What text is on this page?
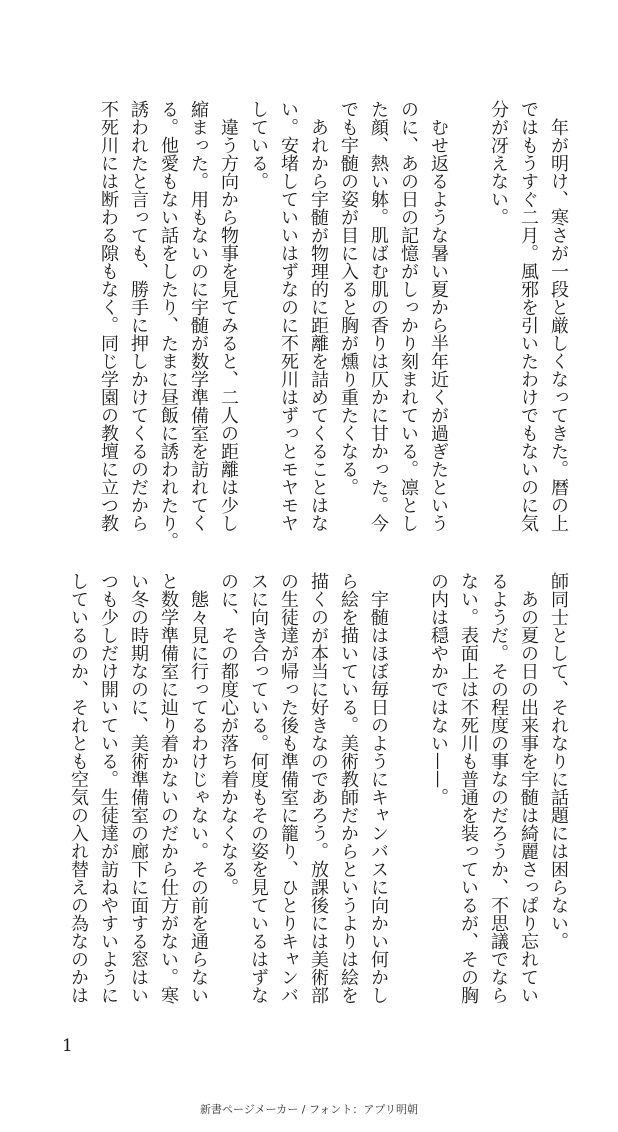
　年が明け、寒さが一段と厳しくなってきた。暦の上
ではもうすぐ二月。風邪を引いたわけでもないのに気
分が冴えない。

　むせ返るような暑い夏から半年近くが過ぎたという
のに、あの日の記憶がしっかり刻まれている。凛とし
た顔、熱い躰。肌ばむ肌の香りは仄かに甘かった。今
でも宇髄の姿が目に入ると胸が燻り重たくなる。
　あれから宇髄が物理的に距離を詰めてくることはな
い。安堵していいはずなのに不死川はずっとモヤモヤ
している。
　違う方向から物事を見てみると、二人の距離は少し
縮まった。用もないのに宇髄が数学準備室を訪れてく
る。他愛もない話をしたり、たまに昼飯に誘われたり。
誘われたと言っても、勝手に押しかけてくるのだから
不死川には断わる隙もなく。同じ学園の教壇に立つ教
師同士として、それなりに話題には困らない。
　あの夏の日の出来事を宇髄は綺麗さっぱり忘れてい
るようだ。その程度の事なのだろうか、不思議でなら
ない。表面上は不死川も普通を装っているが、その胸
の内は穏やかではない——。

　宇髄はほぼ毎日のようにキャンバスに向かい何かし
ら絵を描いている。美術教師だからというよりは絵を
描くのが本当に好きなのであろう。放課後には美術部
の生徒達が帰った後も準備室に籠り、ひとりキャンバ
スに向き合っている。何度もその姿を見ているはずな
のに、その都度心が落ち着かなくなる。
　態々見に行ってるわけじゃない。その前を通らない
と数学準備室に辿り着かないのだから仕方がない。寒
い冬の時期なのに、美術準備室の廊下に面する窓はい
つも少しだけ開いている。生徒達が訪ねやすいように
しているのか、それとも空気の入れ替えの為なのかは
1
新書ページメーカー / フォント：アプリ明朝
